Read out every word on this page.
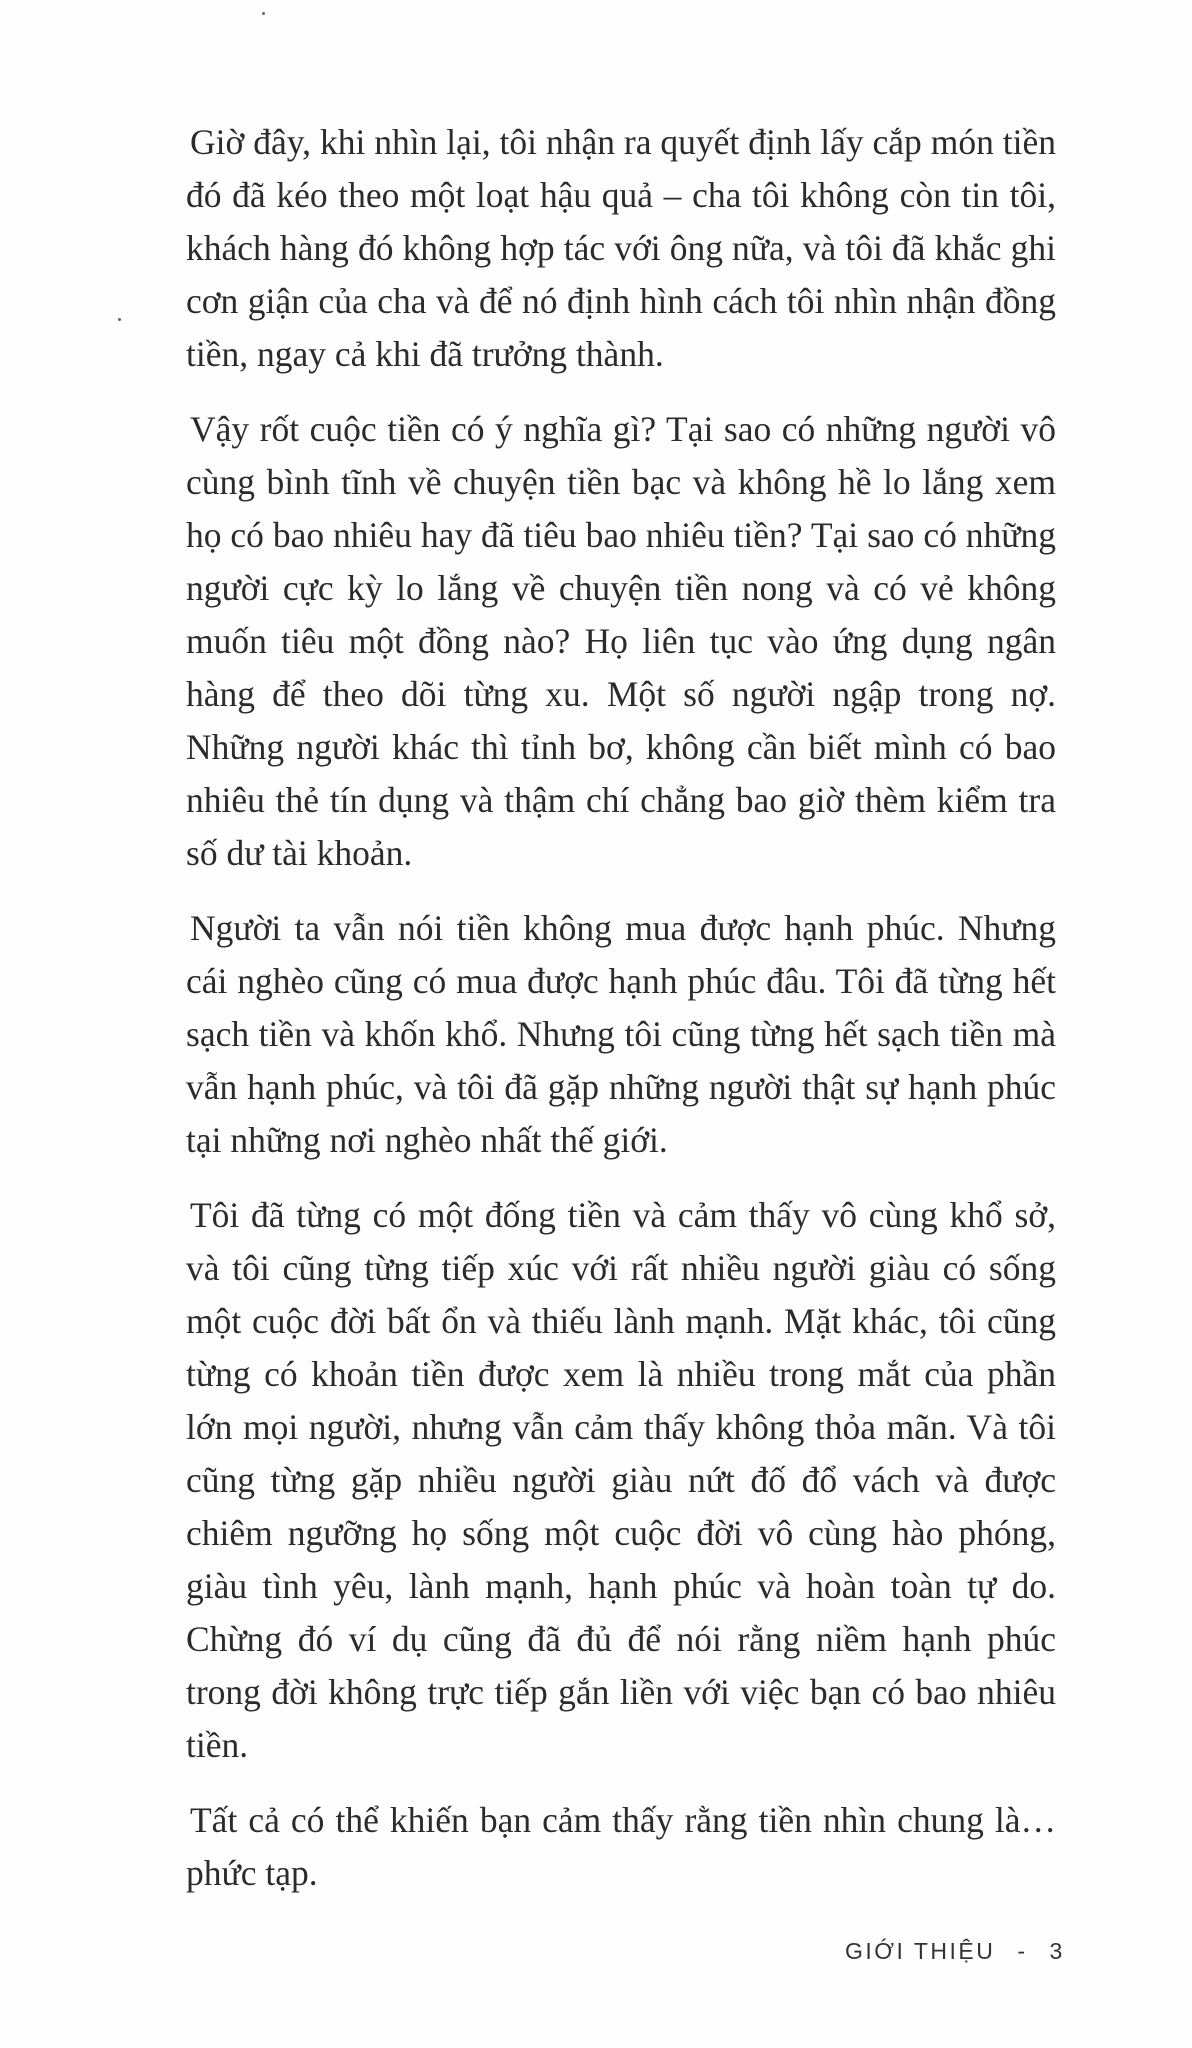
Giờ đây, khi nhìn lại, tôi nhận ra quyết định lấy cắp món tiền đó đã kéo theo một loạt hậu quả – cha tôi không còn tin tôi, khách hàng đó không hợp tác với ông nữa, và tôi đã khắc ghi cơn giận của cha và để nó định hình cách tôi nhìn nhận đồng tiền, ngay cả khi đã trưởng thành.

Vậy rốt cuộc tiền có ý nghĩa gì? Tại sao có những người vô cùng bình tĩnh về chuyện tiền bạc và không hề lo lắng xem họ có bao nhiêu hay đã tiêu bao nhiêu tiền? Tại sao có những người cực kỳ lo lắng về chuyện tiền nong và có vẻ không muốn tiêu một đồng nào? Họ liên tục vào ứng dụng ngân hàng để theo dõi từng xu. Một số người ngập trong nợ. Những người khác thì tỉnh bơ, không cần biết mình có bao nhiêu thẻ tín dụng và thậm chí chẳng bao giờ thèm kiểm tra số dư tài khoản.

Người ta vẫn nói tiền không mua được hạnh phúc. Nhưng cái nghèo cũng có mua được hạnh phúc đâu. Tôi đã từng hết sạch tiền và khốn khổ. Nhưng tôi cũng từng hết sạch tiền mà vẫn hạnh phúc, và tôi đã gặp những người thật sự hạnh phúc tại những nơi nghèo nhất thế giới.

Tôi đã từng có một đống tiền và cảm thấy vô cùng khổ sở, và tôi cũng từng tiếp xúc với rất nhiều người giàu có sống một cuộc đời bất ổn và thiếu lành mạnh. Mặt khác, tôi cũng từng có khoản tiền được xem là nhiều trong mắt của phần lớn mọi người, nhưng vẫn cảm thấy không thỏa mãn. Và tôi cũng từng gặp nhiều người giàu nứt đố đổ vách và được chiêm ngưỡng họ sống một cuộc đời vô cùng hào phóng, giàu tình yêu, lành mạnh, hạnh phúc và hoàn toàn tự do. Chừng đó ví dụ cũng đã đủ để nói rằng niềm hạnh phúc trong đời không trực tiếp gắn liền với việc bạn có bao nhiêu tiền.

Tất cả có thể khiến bạn cảm thấy rằng tiền nhìn chung là… phức tạp.

GIỚI THIỆU - 3
